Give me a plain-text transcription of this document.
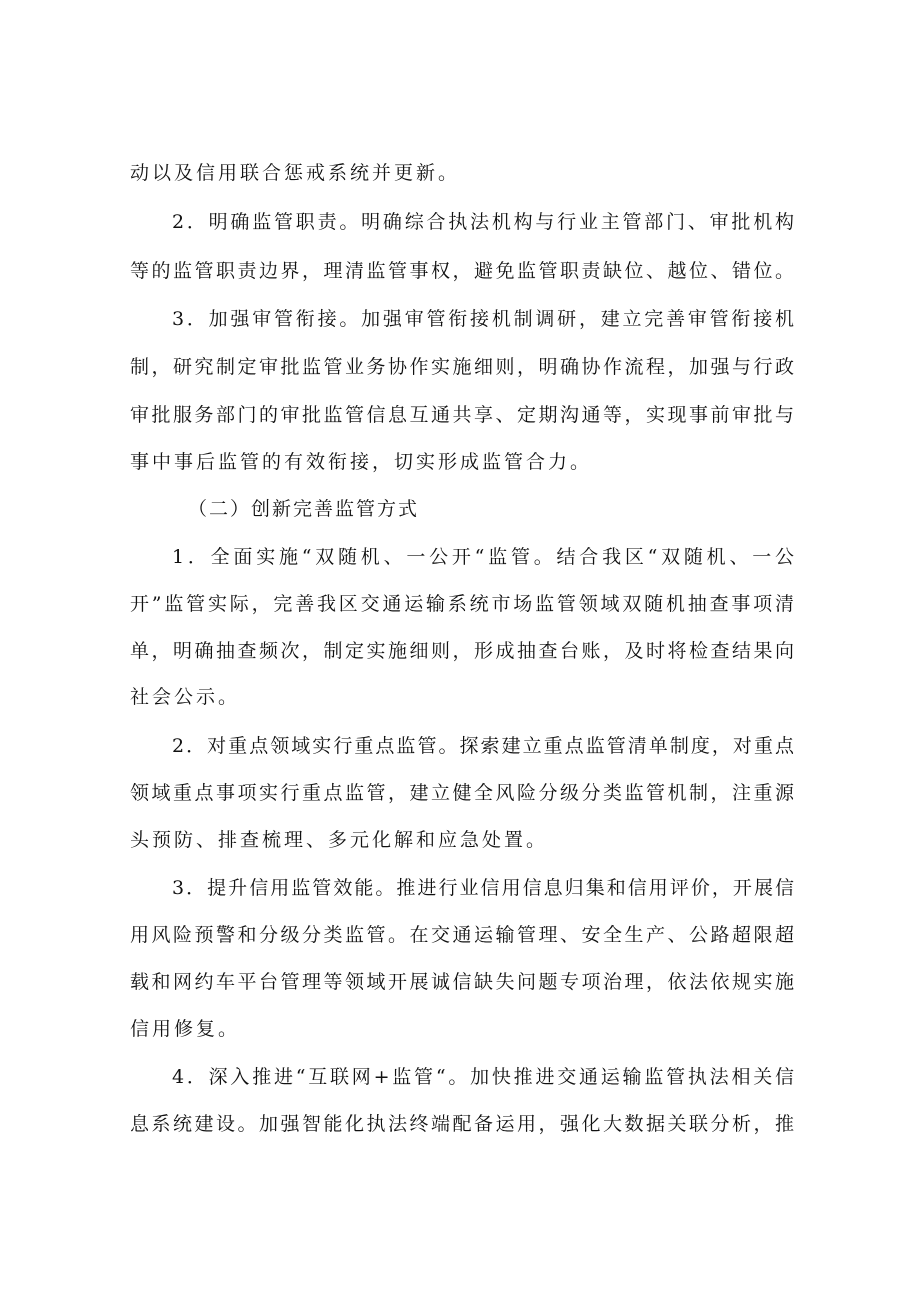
动以及信用联合惩戒系统并更新。
2．明确监管职责。明确综合执法机构与行业主管部门、审批机构
等的监管职责边界，理清监管事权，避免监管职责缺位、越位、错位。
3．加强审管衔接。加强审管衔接机制调研，建立完善审管衔接机
制，研究制定审批监管业务协作实施细则，明确协作流程，加强与行政
审批服务部门的审批监管信息互通共享、定期沟通等，实现事前审批与
事中事后监管的有效衔接，切实形成监管合力。
（二）创新完善监管方式
1．全面实施“双随机、一公开“监管。结合我区“双随机、一公
开”监管实际，完善我区交通运输系统市场监管领域双随机抽查事项清
单，明确抽查频次，制定实施细则，形成抽查台账，及时将检查结果向
社会公示。
2．对重点领域实行重点监管。探索建立重点监管清单制度，对重点
领域重点事项实行重点监管，建立健全风险分级分类监管机制，注重源
头预防、排查梳理、多元化解和应急处置。
3．提升信用监管效能。推进行业信用信息归集和信用评价，开展信
用风险预警和分级分类监管。在交通运输管理、安全生产、公路超限超
载和网约车平台管理等领域开展诚信缺失问题专项治理，依法依规实施
信用修复。
4．深入推进“互联网+监管“。加快推进交通运输监管执法相关信
息系统建设。加强智能化执法终端配备运用，强化大数据关联分析，推
